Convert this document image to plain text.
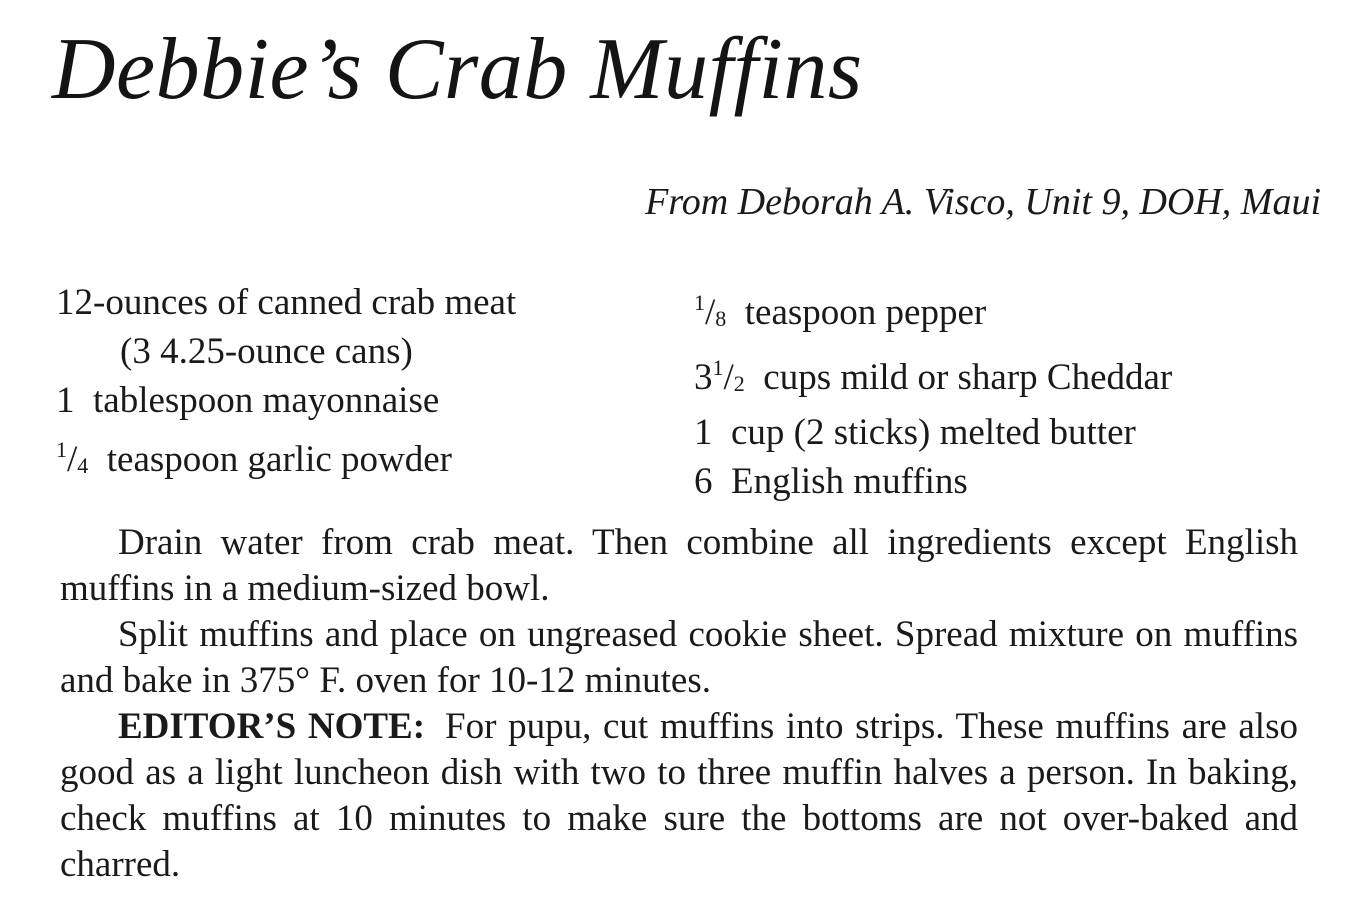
Debbie’s Crab Muffins
From Deborah A. Visco, Unit 9, DOH, Maui
12-ounces of canned crab meat
(3 4.25-ounce cans)
1 tablespoon mayonnaise
$^1/_4$ teaspoon garlic powder
$^1/_8$ teaspoon pepper
$3^1/_2$ cups mild or sharp Cheddar
1 cup (2 sticks) melted butter
6 English muffins

Drain water from crab meat. Then combine all ingredients except English muffins in a medium-sized bowl.

Split muffins and place on ungreased cookie sheet. Spread mixture on muffins and bake in 375° F. oven for 10-12 minutes.

EDITOR’S NOTE: For pupu, cut muffins into strips. These muffins are also good as a light luncheon dish with two to three muffin halves a person. In baking, check muffins at 10 minutes to make sure the bottoms are not over-baked and charred.
